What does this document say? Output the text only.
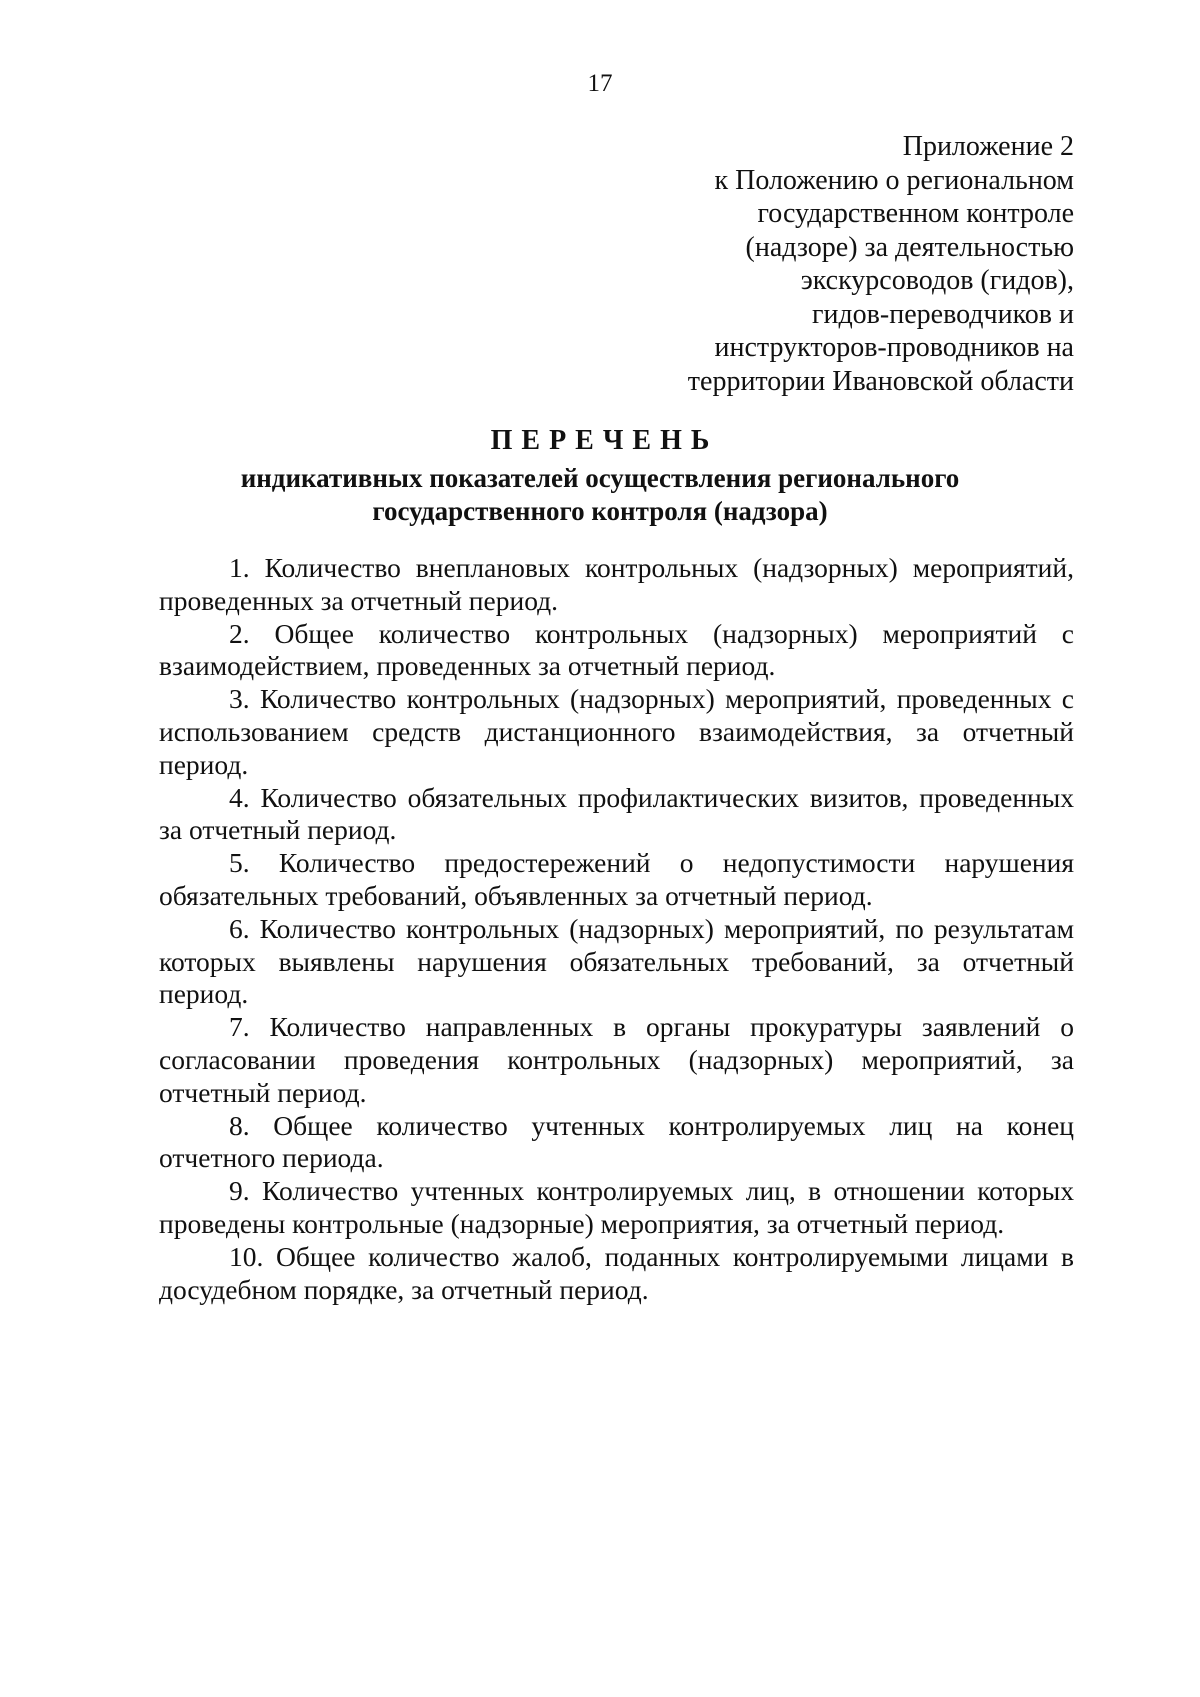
17
Приложение 2
к Положению о региональном
государственном контроле
(надзоре) за деятельностью
экскурсоводов (гидов),
гидов-переводчиков и
инструкторов-проводников на
территории Ивановской области
ПЕРЕЧЕНЬ
индикативных показателей осуществления регионального
государственного контроля (надзора)

1. Количество внеплановых контрольных (надзорных) мероприятий, проведенных за отчетный период.

2. Общее количество контрольных (надзорных) мероприятий с взаимодействием, проведенных за отчетный период.

3. Количество контрольных (надзорных) мероприятий, проведенных с использованием средств дистанционного взаимодействия, за отчетный период.

4. Количество обязательных профилактических визитов, проведенных за отчетный период.

5. Количество предостережений о недопустимости нарушения обязательных требований, объявленных за отчетный период.

6. Количество контрольных (надзорных) мероприятий, по результатам которых выявлены нарушения обязательных требований, за отчетный период.

7. Количество направленных в органы прокуратуры заявлений о согласовании проведения контрольных (надзорных) мероприятий, за отчетный период.

8. Общее количество учтенных контролируемых лиц на конец отчетного периода.

9. Количество учтенных контролируемых лиц, в отношении которых проведены контрольные (надзорные) мероприятия, за отчетный период.

10. Общее количество жалоб, поданных контролируемыми лицами в досудебном порядке, за отчетный период.
